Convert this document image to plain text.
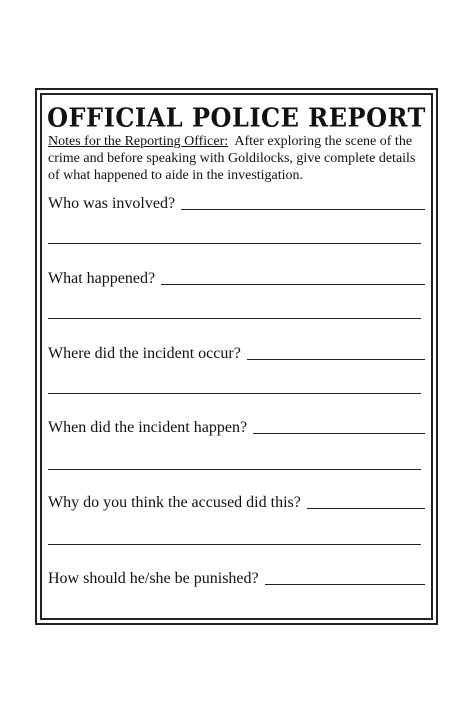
OFFICIAL POLICE REPORT
Notes for the Reporting Officer: After exploring the scene of the crime and before speaking with Goldilocks, give complete details of what happened to aide in the investigation.
Who was involved?
What happened?
Where did the incident occur?
When did the incident happen?
Why do you think the accused did this?
How should he/she be punished?
